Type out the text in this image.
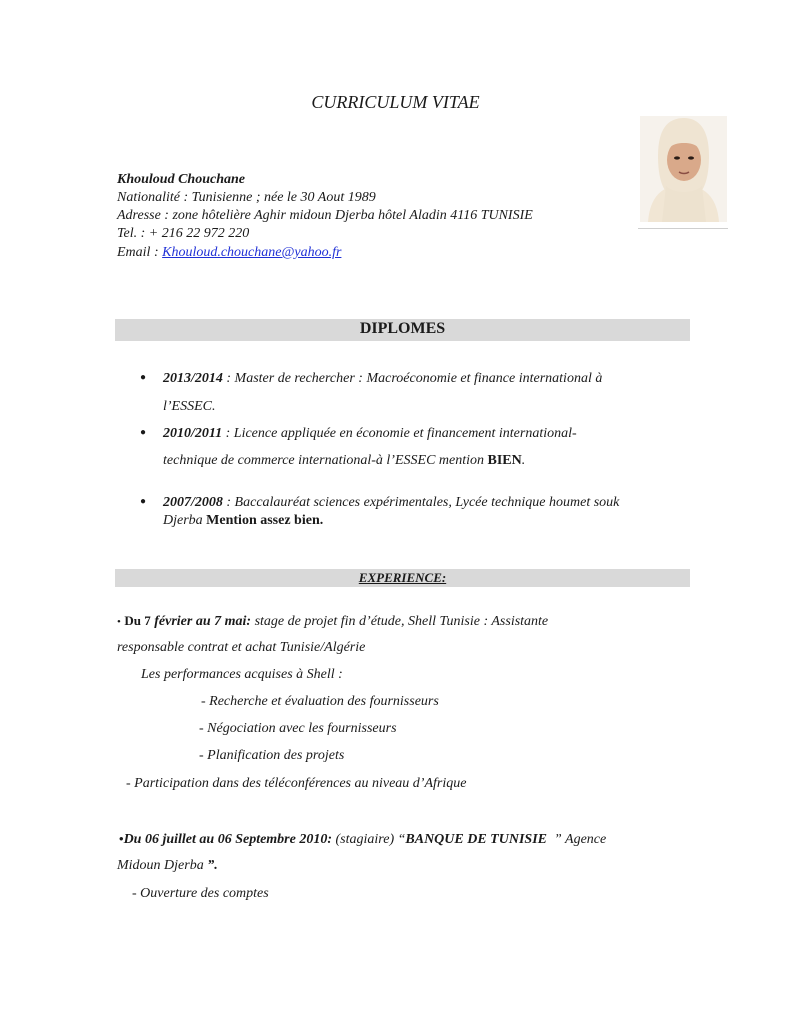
CURRICULUM VITAE
Khouloud Chouchane
Nationalité : Tunisienne ; née le 30 Aout 1989
Adresse : zone hôtelière Aghir midoun Djerba hôtel Aladin 4116 TUNISIE
Tel. : + 216 22 972 220
Email : Khouloud.chouchane@yahoo.fr
DIPLOMES
● 2013/2014 : Master de rechercher : Macroéconomie et finance international à
l’ESSEC.
● 2010/2011 : Licence appliquée en économie et financement international-
technique de commerce international-à l’ESSEC mention BIEN.
● 2007/2008 : Baccalauréat sciences expérimentales, Lycée technique houmet souk
Djerba Mention assez bien.
EXPERIENCE:
• Du 7 février au 7 mai: stage de projet fin d’étude, Shell Tunisie : Assistante
responsable contrat et achat Tunisie/Algérie
Les performances acquises à Shell :
- Recherche et évaluation des fournisseurs
- Négociation avec les fournisseurs
- Planification des projets
- Participation dans des téléconférences au niveau d’Afrique
•Du 06 juillet au 06 Septembre 2010: (stagiaire) “BANQUE DE TUNISIE  ” Agence
Midoun Djerba ”.
- Ouverture des comptes
